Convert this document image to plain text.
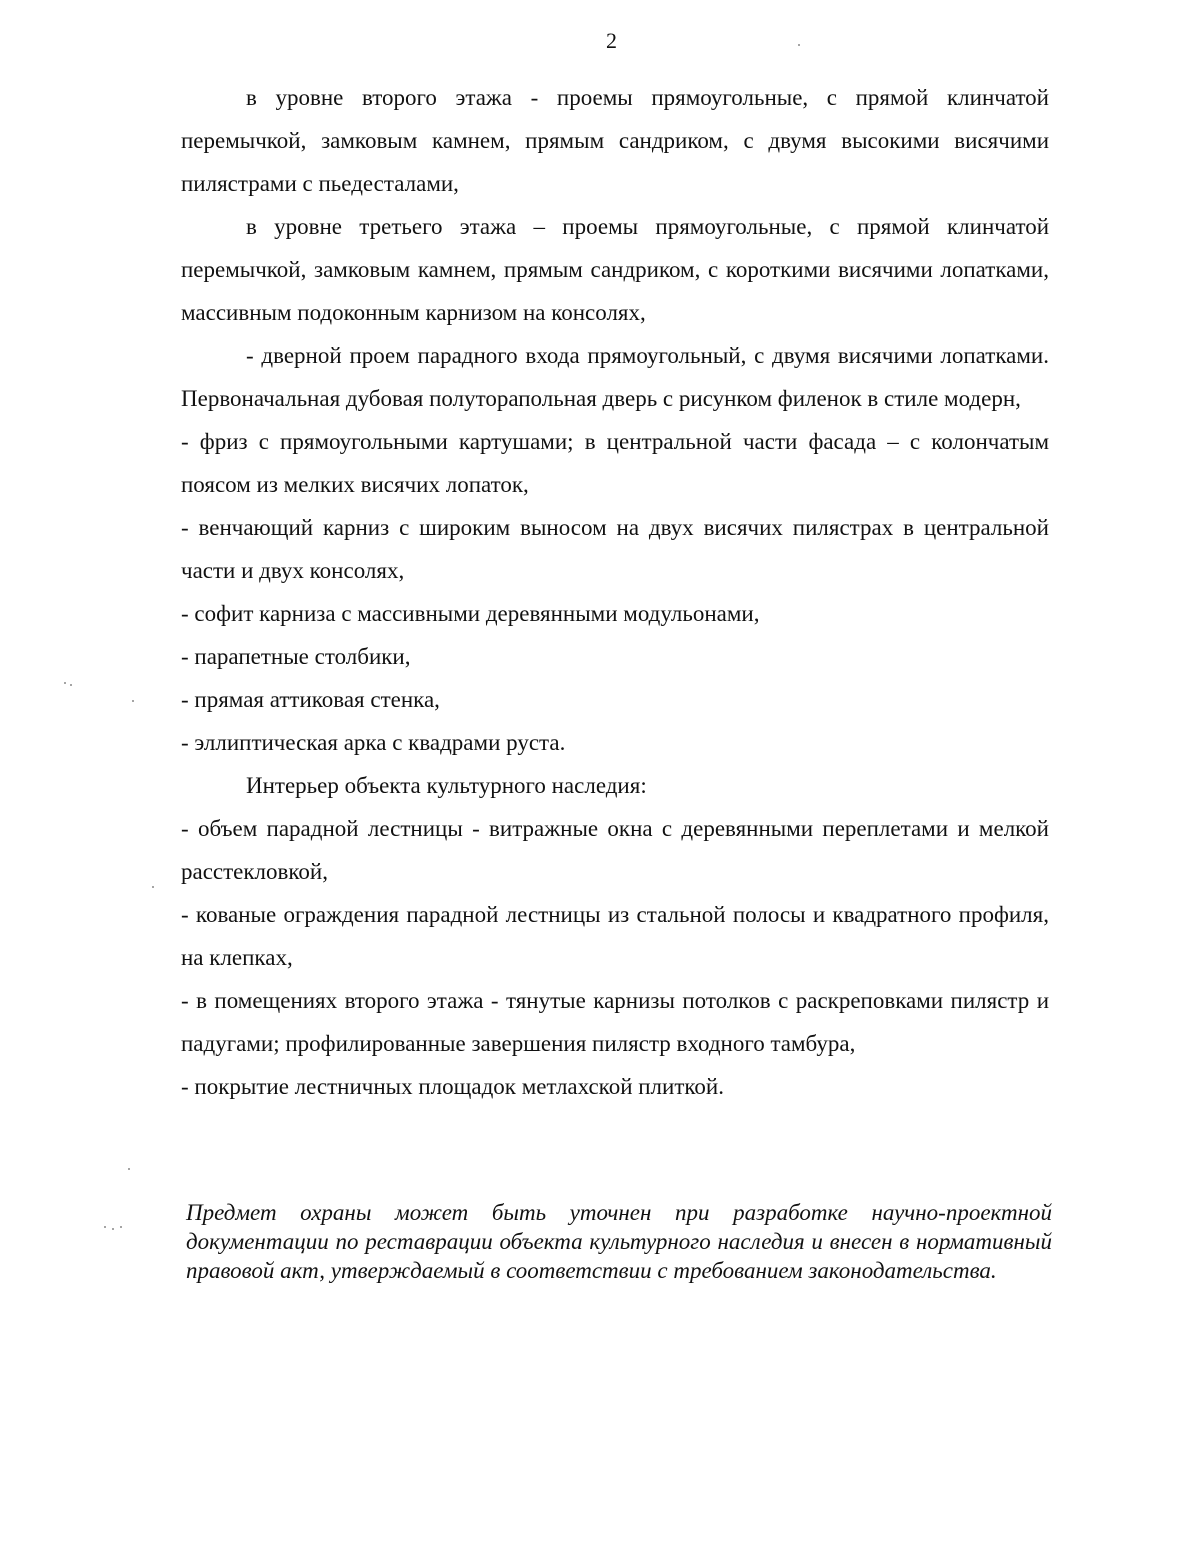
2

в уровне второго этажа - проемы прямоугольные, с прямой клинчатой перемычкой, замковым камнем, прямым сандриком, с двумя высокими висячими пилястрами с пьедесталами,

в уровне третьего этажа – проемы прямоугольные, с прямой клинчатой перемычкой, замковым камнем, прямым сандриком, с короткими висячими лопатками, массивным подоконным карнизом на консолях,

- дверной проем парадного входа прямоугольный, с двумя висячими лопатками. Первоначальная дубовая полуторапольная дверь с рисунком филенок в стиле модерн,

- фриз с прямоугольными картушами; в центральной части фасада – с колончатым поясом из мелких висячих лопаток,

- венчающий карниз с широким выносом на двух висячих пилястрах в центральной части и двух консолях,

- софит карниза с массивными деревянными модульонами,

- парапетные столбики,

- прямая аттиковая стенка,

- эллиптическая арка с квадрами руста.

Интерьер объекта культурного наследия:

- объем парадной лестницы - витражные окна с деревянными переплетами и мелкой расстекловкой,

- кованые ограждения парадной лестницы из стальной полосы и квадратного профиля, на клепках,

- в помещениях второго этажа - тянутые карнизы потолков с раскреповками пилястр и падугами; профилированные завершения пилястр входного тамбура,

- покрытие лестничных площадок метлахской плиткой.

Предмет охраны может быть уточнен при разработке научно-проектной документации по реставрации объекта культурного наследия и внесен в нормативный правовой акт, утверждаемый в соответствии с требованием законодательства.
